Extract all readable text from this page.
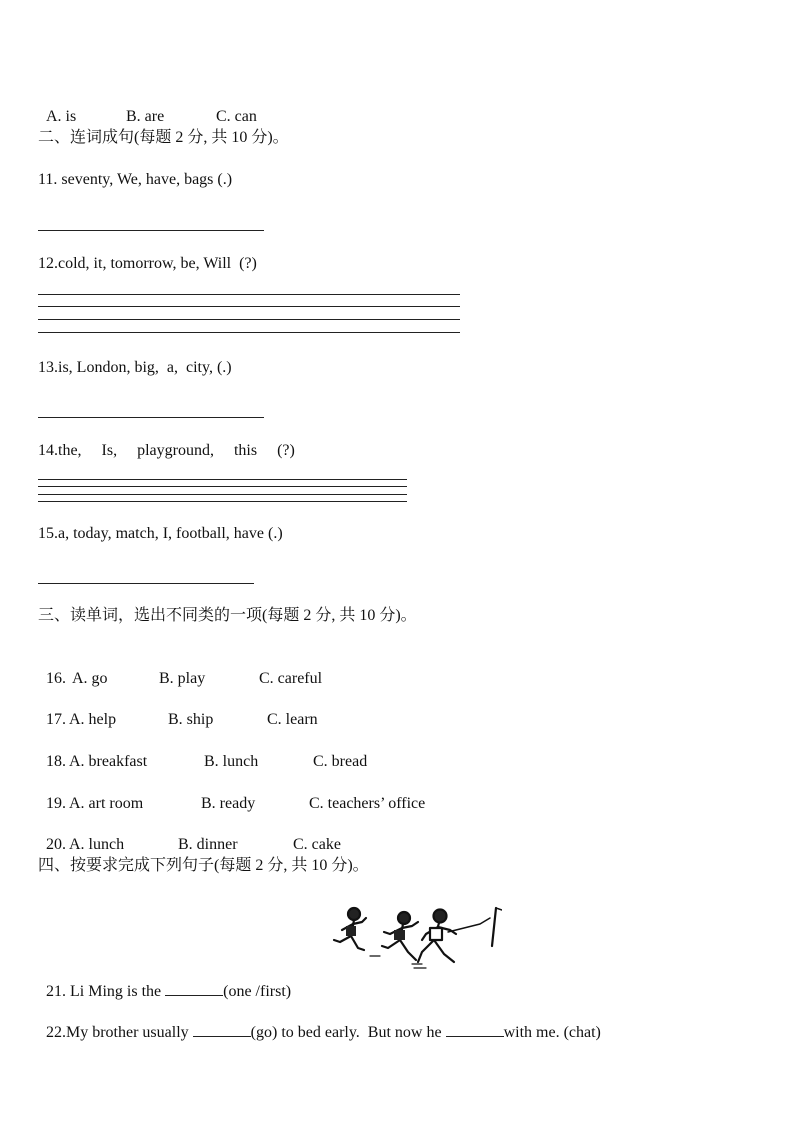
A. is	B. are	C. can

二、连词成句(每题 2 分, 共 10 分)。
11. seventy, We, have, bags (.)
12.cold, it, tomorrow, be, Will  (?)
13.is, London, big,  a,  city, (.)
14.the,     Is,     playground,     this     (?)
15.a, today, match, I, football, have (.)
三、读单词，选出不同类的一项(每题 2 分, 共 10 分)。

16. A. go	B. play	C. careful

17. A. help	B. ship	C. learn

18. A. breakfast	B. lunch	C. bread

19. A. art room	B. ready	C. teachers’ office

20. A. lunch	B. dinner	C. cake

四、按要求完成下列句子(每题 2 分, 共 10 分)。

21. Li Ming is the	(one /first)

22.My brother usually	(go) to bed early.  But now he	with me. (chat)
